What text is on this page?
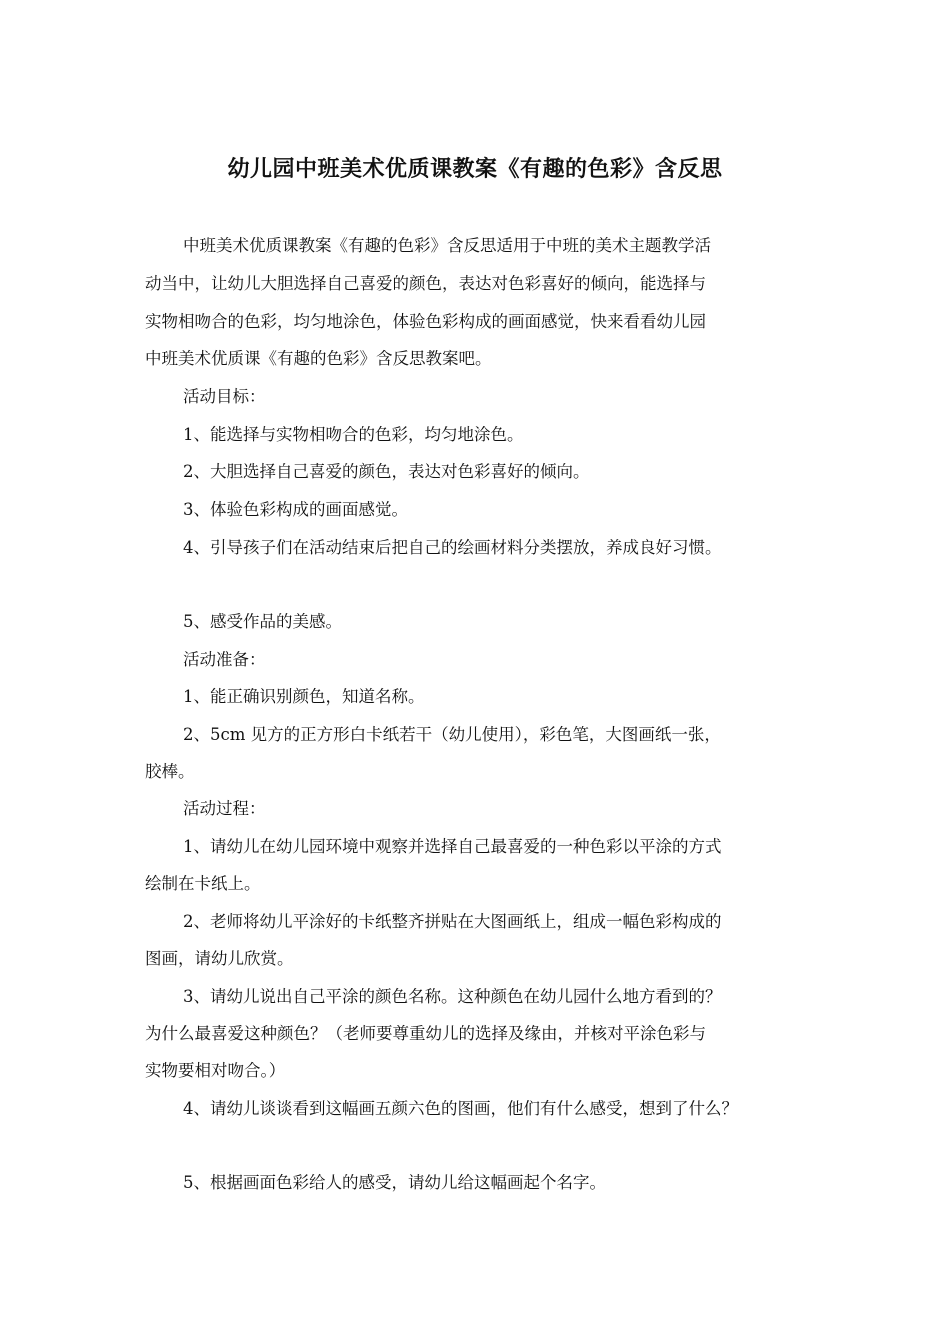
幼儿园中班美术优质课教案《有趣的色彩》含反思
中班美术优质课教案《有趣的色彩》含反思适用于中班的美术主题教学活
动当中，让幼儿大胆选择自己喜爱的颜色，表达对色彩喜好的倾向，能选择与
实物相吻合的色彩，均匀地涂色，体验色彩构成的画面感觉，快来看看幼儿园
中班美术优质课《有趣的色彩》含反思教案吧。
活动目标：
1、能选择与实物相吻合的色彩，均匀地涂色。
2、大胆选择自己喜爱的颜色，表达对色彩喜好的倾向。
3、体验色彩构成的画面感觉。
4、引导孩子们在活动结束后把自己的绘画材料分类摆放，养成良好习惯。
5、感受作品的美感。
活动准备：
1、能正确识别颜色，知道名称。
2、5cm 见方的正方形白卡纸若干（幼儿使用），彩色笔，大图画纸一张，
胶棒。
活动过程：
1、请幼儿在幼儿园环境中观察并选择自己最喜爱的一种色彩以平涂的方式
绘制在卡纸上。
2、老师将幼儿平涂好的卡纸整齐拼贴在大图画纸上，组成一幅色彩构成的
图画，请幼儿欣赏。
3、请幼儿说出自己平涂的颜色名称。这种颜色在幼儿园什么地方看到的？
为什么最喜爱这种颜色？（老师要尊重幼儿的选择及缘由，并核对平涂色彩与
实物要相对吻合。）
4、请幼儿谈谈看到这幅画五颜六色的图画，他们有什么感受，想到了什么？
5、根据画面色彩给人的感受，请幼儿给这幅画起个名字。
